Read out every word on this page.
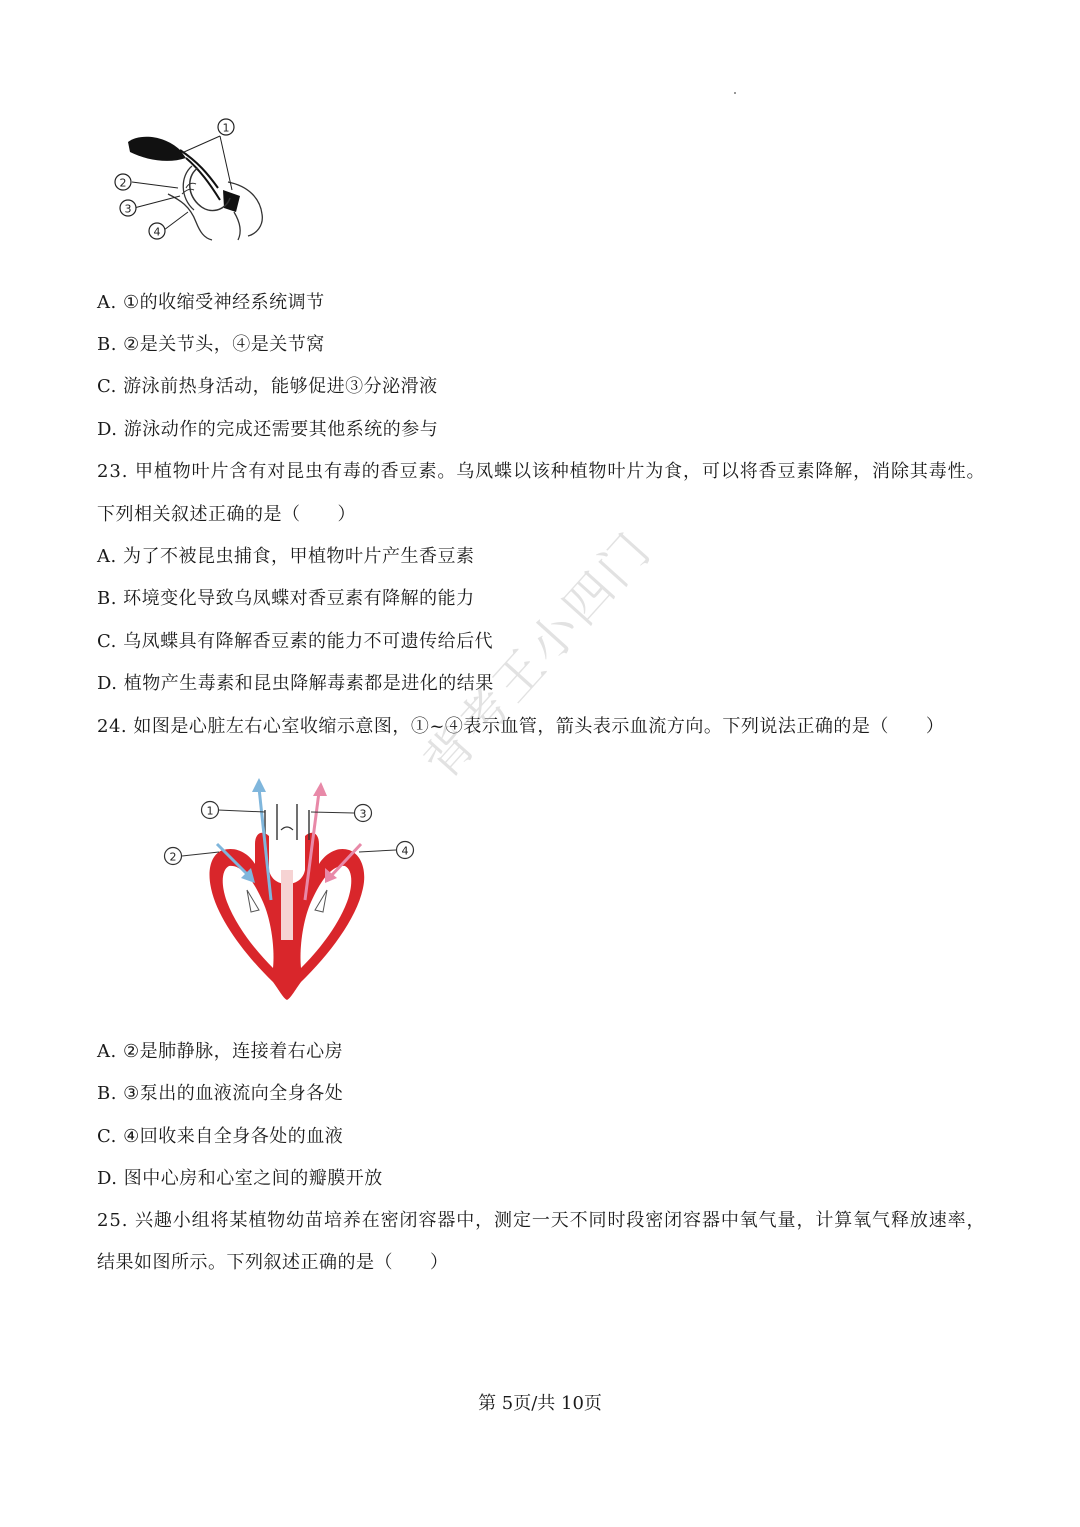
1
2
3
4
A. ①的收缩受神经系统调节
B. ②是关节头，④是关节窝
C. 游泳前热身活动，能够促进③分泌滑液
D. 游泳动作的完成还需要其他系统的参与
23. 甲植物叶片含有对昆虫有毒的香豆素。乌凤蝶以该种植物叶片为食，可以将香豆素降解，消除其毒性。
下列相关叙述正确的是（　　）
A. 为了不被昆虫捕食，甲植物叶片产生香豆素
B. 环境变化导致乌凤蝶对香豆素有降解的能力
C. 乌凤蝶具有降解香豆素的能力不可遗传给后代
D. 植物产生毒素和昆虫降解毒素都是进化的结果
24. 如图是心脏左右心室收缩示意图，①~④表示血管，箭头表示血流方向。下列说法正确的是（　　）
1
2
3
4
A. ②是肺静脉，连接着右心房
B. ③泵出的血液流向全身各处
C. ④回收来自全身各处的血液
D. 图中心房和心室之间的瓣膜开放
25. 兴趣小组将某植物幼苗培养在密闭容器中，测定一天不同时段密闭容器中氧气量，计算氧气释放速率，
结果如图所示。下列叙述正确的是（　　）
背考王小四门
第 5页/共 10页
